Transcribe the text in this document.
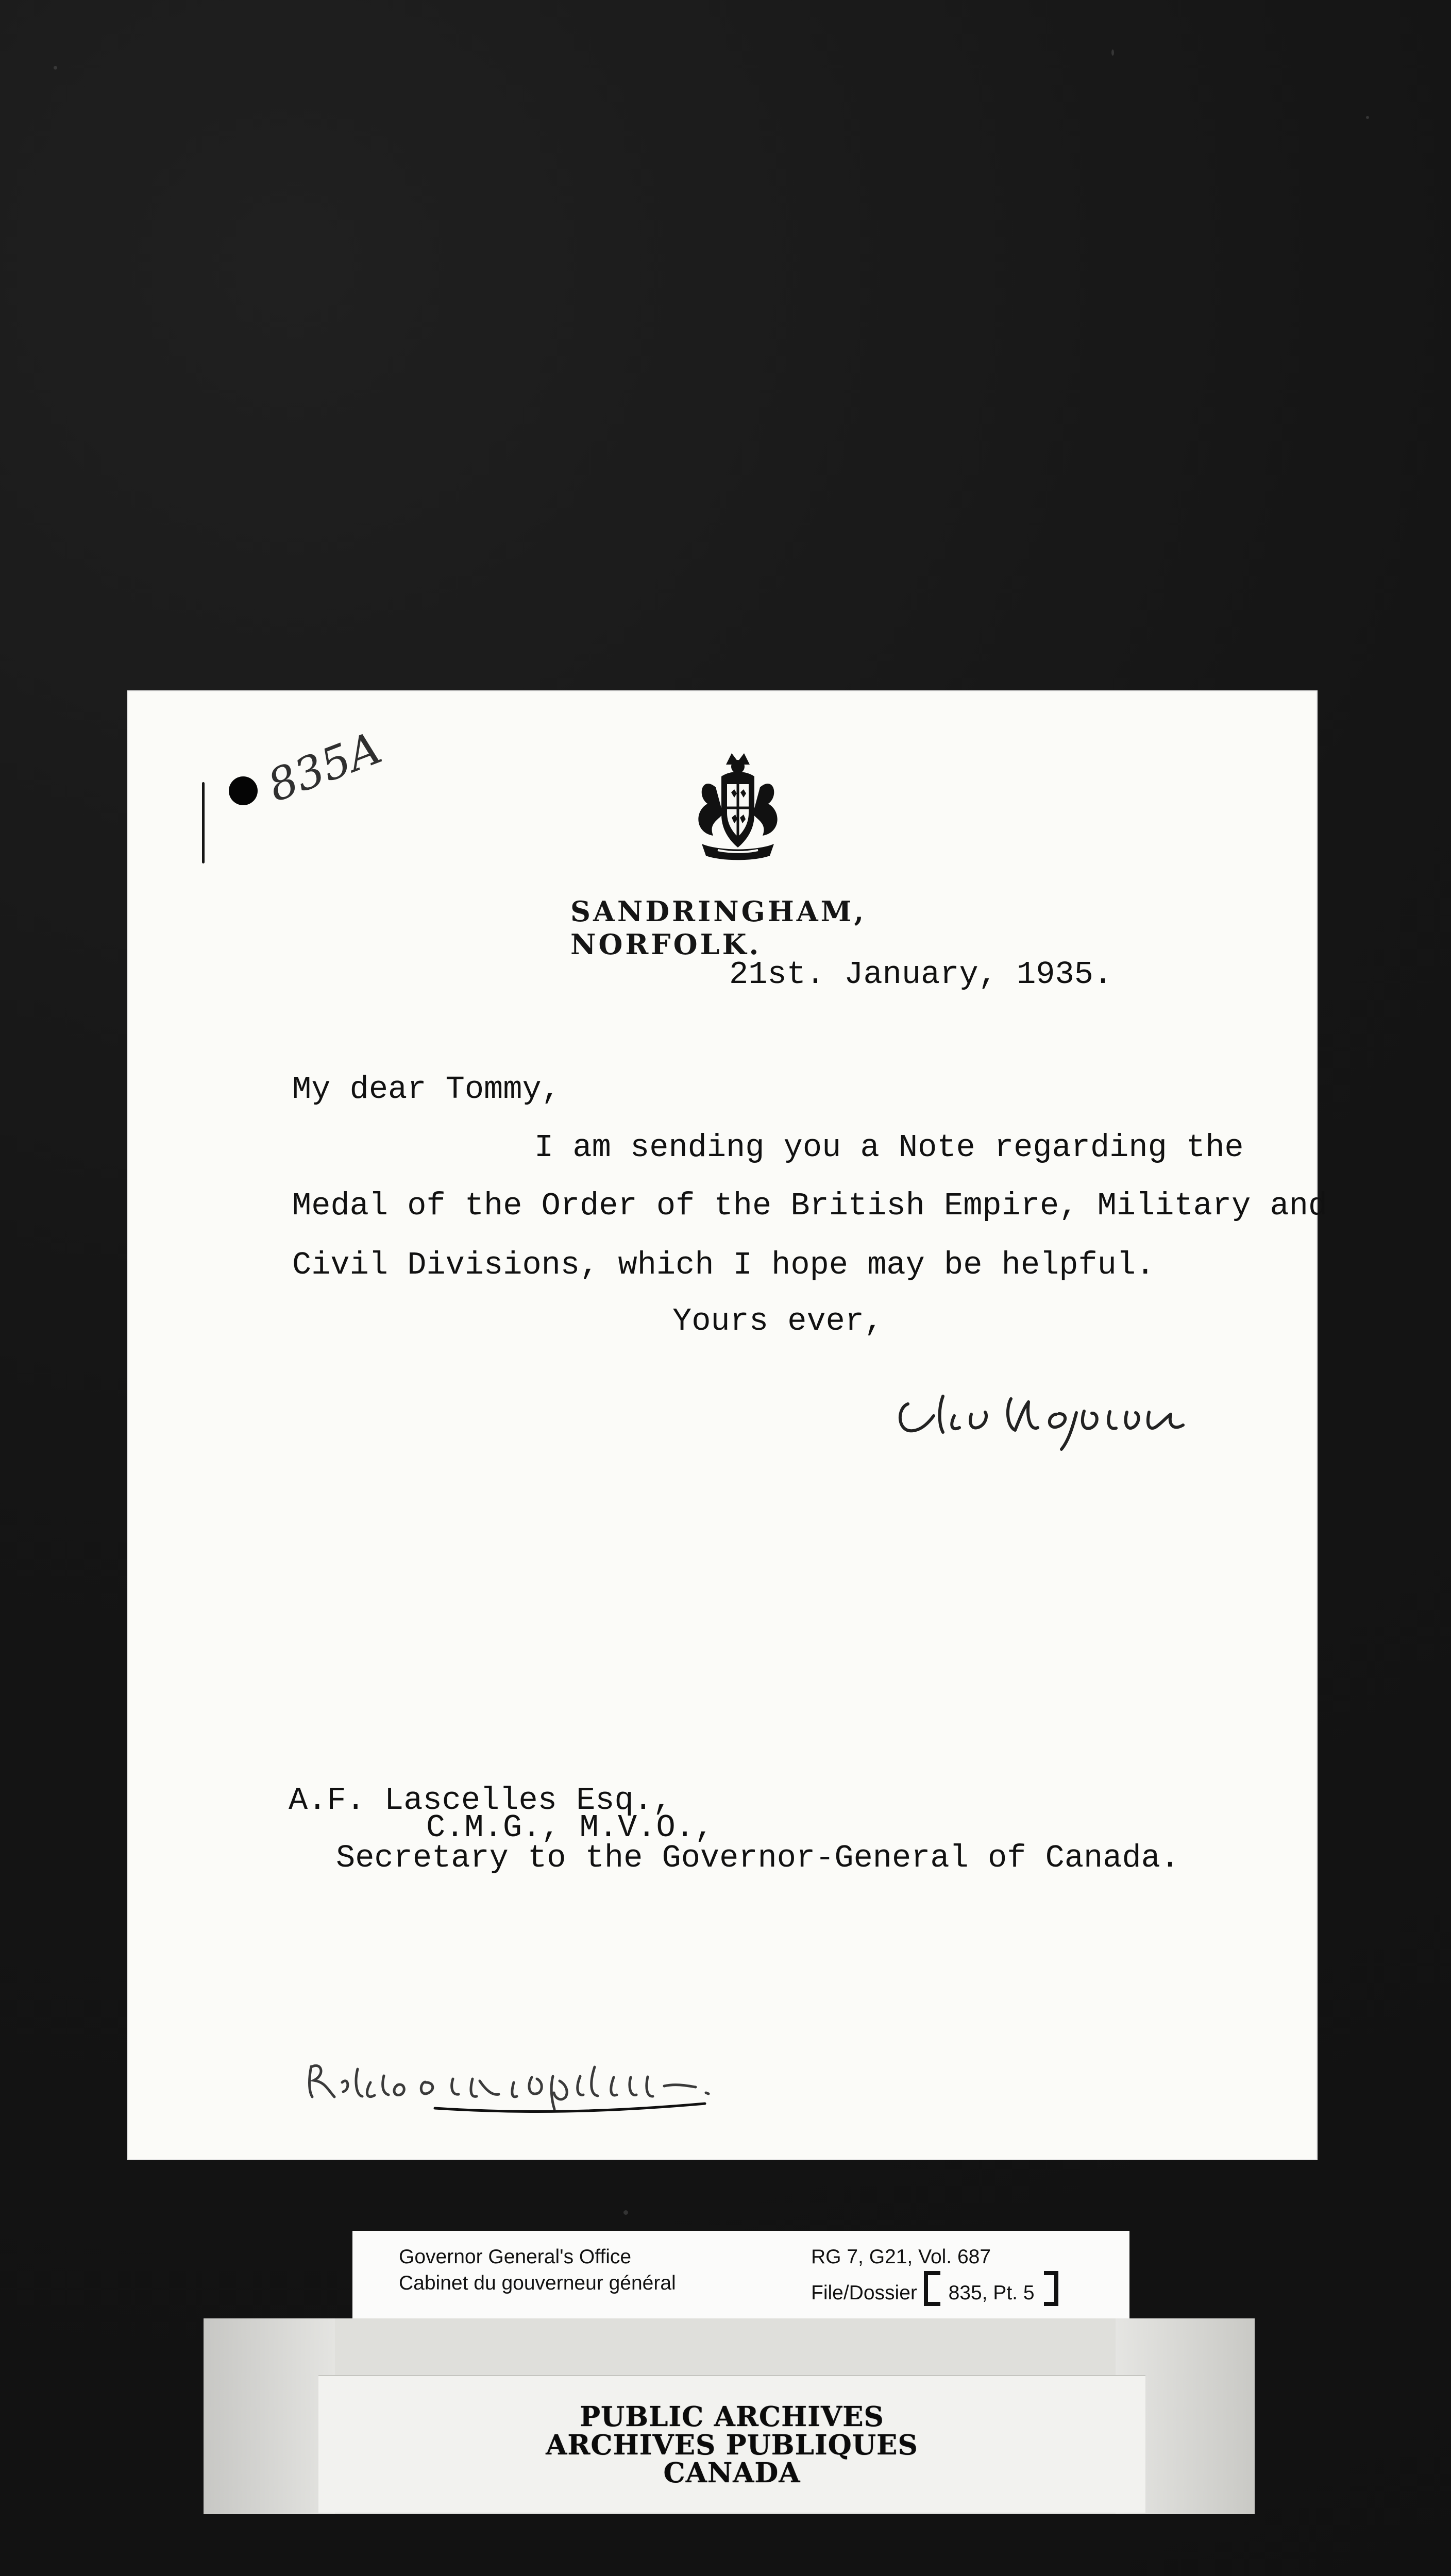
SANDRINGHAM, NORFOLK.
21st. January, 1935.
My dear Tommy,
I am sending you a Note regarding the
Medal of the Order of the British Empire, Military and
Civil Divisions, which I hope may be helpful.
Yours ever,
A.F. Lascelles Esq.,
C.M.G., M.V.O.,
Secretary to the Governor-General of Canada.
835A
Governor General's Office
Cabinet du gouverneur général
RG 7, G21, Vol. 687
File/Dossier 835, Pt. 5
PUBLIC ARCHIVES
ARCHIVES PUBLIQUES
CANADA
